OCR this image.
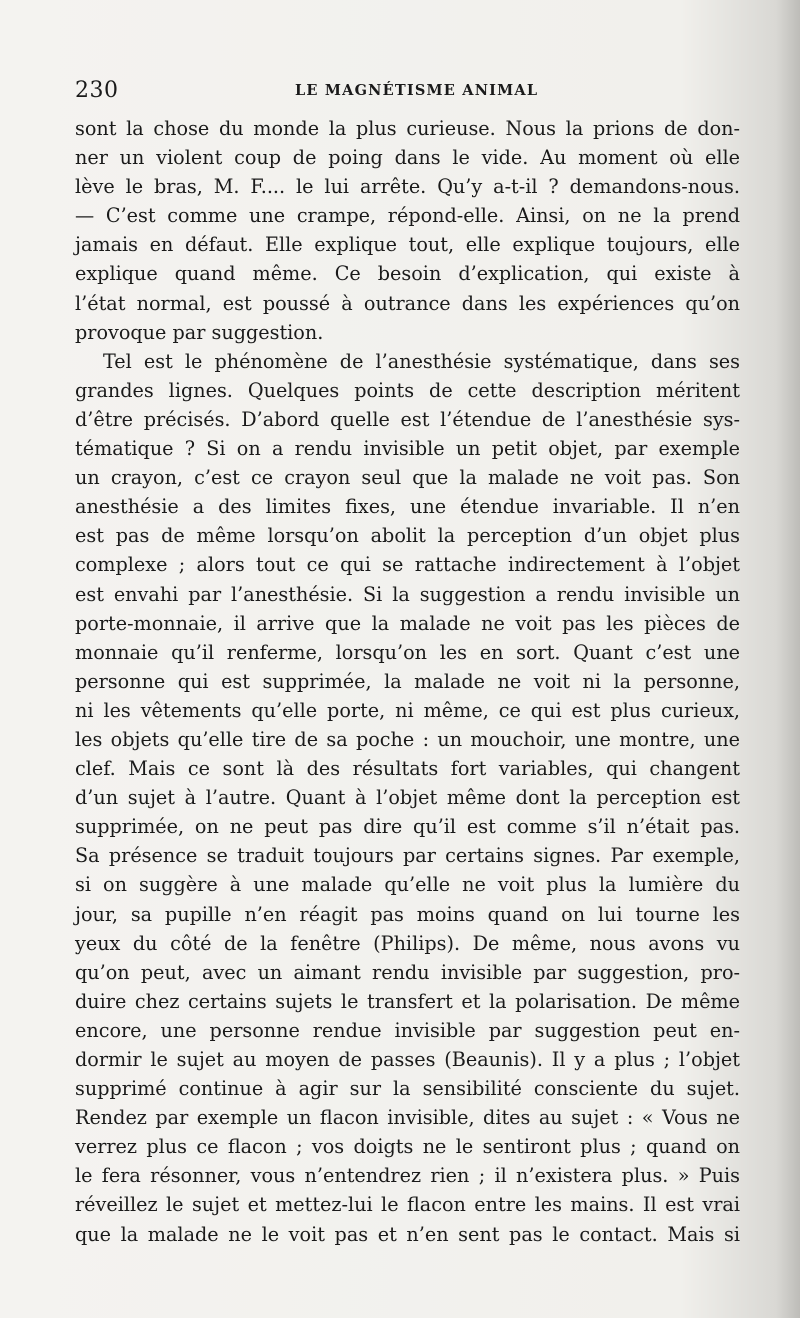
230	LE MAGNÉTISME ANIMAL
sont la chose du monde la plus curieuse. Nous la prions de don-
ner un violent coup de poing dans le vide. Au moment où elle
lève le bras, M. F.... le lui arrête. Qu’y a-t-il ? demandons-nous.
— C’est comme une crampe, répond-elle. Ainsi, on ne la prend
jamais en défaut. Elle explique tout, elle explique toujours, elle
explique quand même. Ce besoin d’explication, qui existe à
l’état normal, est poussé à outrance dans les expériences qu’on
provoque par suggestion.
Tel est le phénomène de l’anesthésie systématique, dans ses
grandes lignes. Quelques points de cette description méritent
d’être précisés. D’abord quelle est l’étendue de l’anesthésie sys-
tématique ? Si on a rendu invisible un petit objet, par exemple
un crayon, c’est ce crayon seul que la malade ne voit pas. Son
anesthésie a des limites fixes, une étendue invariable. Il n’en
est pas de même lorsqu’on abolit la perception d’un objet plus
complexe ; alors tout ce qui se rattache indirectement à l’objet
est envahi par l’anesthésie. Si la suggestion a rendu invisible un
porte-monnaie, il arrive que la malade ne voit pas les pièces de
monnaie qu’il renferme, lorsqu’on les en sort. Quant c’est une
personne qui est supprimée, la malade ne voit ni la personne,
ni les vêtements qu’elle porte, ni même, ce qui est plus curieux,
les objets qu’elle tire de sa poche : un mouchoir, une montre, une
clef. Mais ce sont là des résultats fort variables, qui changent
d’un sujet à l’autre. Quant à l’objet même dont la perception est
supprimée, on ne peut pas dire qu’il est comme s’il n’était pas.
Sa présence se traduit toujours par certains signes. Par exemple,
si on suggère à une malade qu’elle ne voit plus la lumière du
jour, sa pupille n’en réagit pas moins quand on lui tourne les
yeux du côté de la fenêtre (Philips). De même, nous avons vu
qu’on peut, avec un aimant rendu invisible par suggestion, pro-
duire chez certains sujets le transfert et la polarisation. De même
encore, une personne rendue invisible par suggestion peut en-
dormir le sujet au moyen de passes (Beaunis). Il y a plus ; l’objet
supprimé continue à agir sur la sensibilité consciente du sujet.
Rendez par exemple un flacon invisible, dites au sujet : « Vous ne
verrez plus ce flacon ; vos doigts ne le sentiront plus ; quand on
le fera résonner, vous n’entendrez rien ; il n’existera plus. » Puis
réveillez le sujet et mettez-lui le flacon entre les mains. Il est vrai
que la malade ne le voit pas et n’en sent pas le contact. Mais si
